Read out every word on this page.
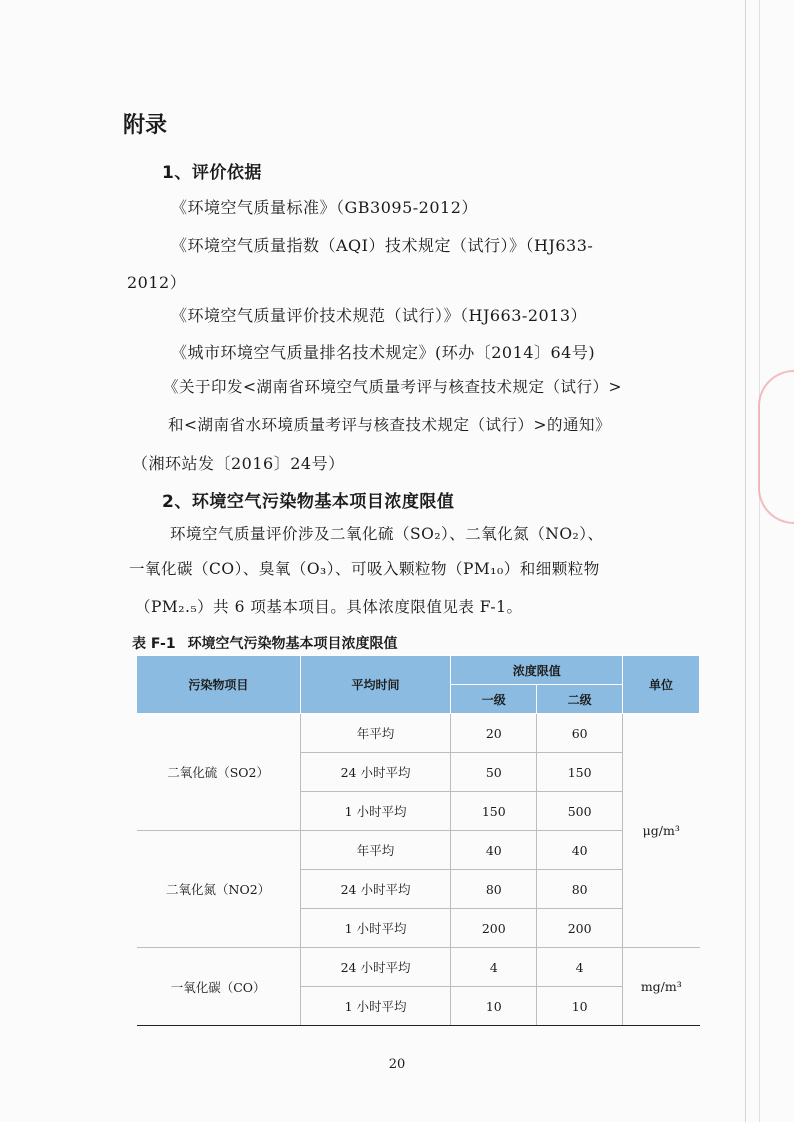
附录
1、评价依据
《环境空气质量标准》（GB3095-2012）
《环境空气质量指数（AQI）技术规定（试行）》（HJ633-
2012）
《环境空气质量评价技术规范（试行）》（HJ663-2013）
《城市环境空气质量排名技术规定》(环办〔2014〕64号)
《关于印发<湖南省环境空气质量考评与核查技术规定（试行）>
和<湖南省水环境质量考评与核查技术规定（试行）>的通知》
（湘环站发〔2016〕24号）
2、环境空气污染物基本项目浓度限值
环境空气质量评价涉及二氧化硫（SO₂）、二氧化氮（NO₂）、
一氧化碳（CO）、臭氧（O₃）、可吸入颗粒物（PM₁₀）和细颗粒物
（PM₂.₅）共 6 项基本项目。具体浓度限值见表 F-1。
表 F-1 环境空气污染物基本项目浓度限值
污染物项目	平均时间	浓度限值		单位
		一级	二级	
二氧化硫（SO2）	年平均	20	60	μg/m³
	24 小时平均	50	150	
	1 小时平均	150	500	
二氧化氮（NO2）	年平均	40	40	
	24 小时平均	80	80	
	1 小时平均	200	200	
一氧化碳（CO）	24 小时平均	4	4	mg/m³
	1 小时平均	10	10	
20
